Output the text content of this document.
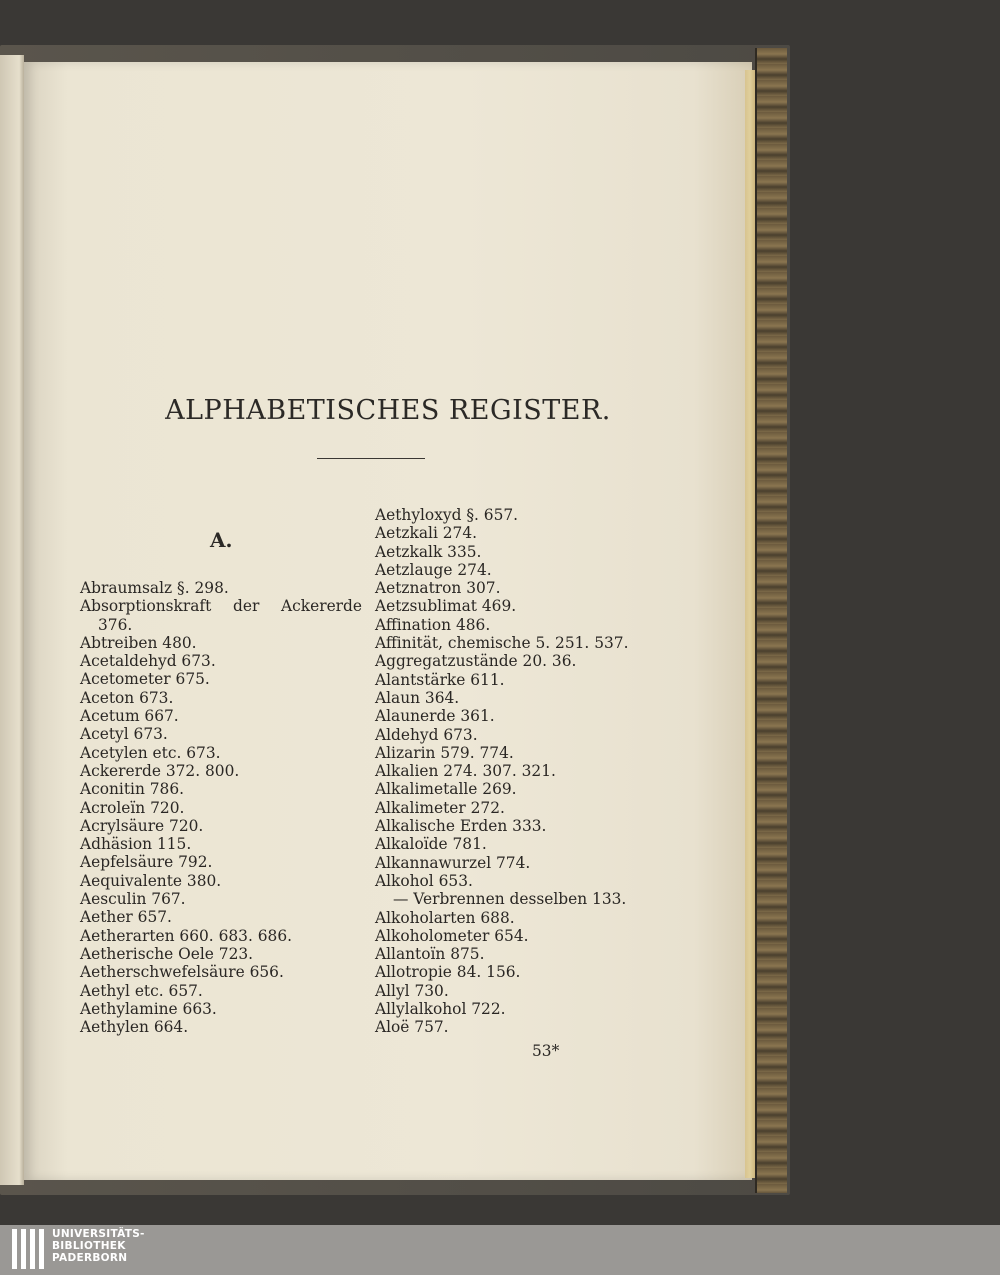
ALPHABETISCHES REGISTER.
A.
Abraumsalz §. 298.
Absorptionskraft der Ackererde
376.
Abtreiben 480.
Acetaldehyd 673.
Acetometer 675.
Aceton 673.
Acetum 667.
Acetyl 673.
Acetylen etc. 673.
Ackererde 372. 800.
Aconitin 786.
Acroleïn 720.
Acrylsäure 720.
Adhäsion 115.
Aepfelsäure 792.
Aequivalente 380.
Aesculin 767.
Aether 657.
Aetherarten 660. 683. 686.
Aetherische Oele 723.
Aetherschwefelsäure 656.
Aethyl etc. 657.
Aethylamine 663.
Aethylen 664.
Aethyloxyd §. 657.
Aetzkali 274.
Aetzkalk 335.
Aetzlauge 274.
Aetznatron 307.
Aetzsublimat 469.
Affination 486.
Affinität, chemische 5. 251. 537.
Aggregatzustände 20. 36.
Alantstärke 611.
Alaun 364.
Alaunerde 361.
Aldehyd 673.
Alizarin 579. 774.
Alkalien 274. 307. 321.
Alkalimetalle 269.
Alkalimeter 272.
Alkalische Erden 333.
Alkaloïde 781.
Alkannawurzel 774.
Alkohol 653.
— Verbrennen desselben 133.
Alkoholarten 688.
Alkoholometer 654.
Allantoïn 875.
Allotropie 84. 156.
Allyl 730.
Allylalkohol 722.
Aloë 757.
53*
UNIVERSITÄTS-
BIBLIOTHEK
PADERBORN
